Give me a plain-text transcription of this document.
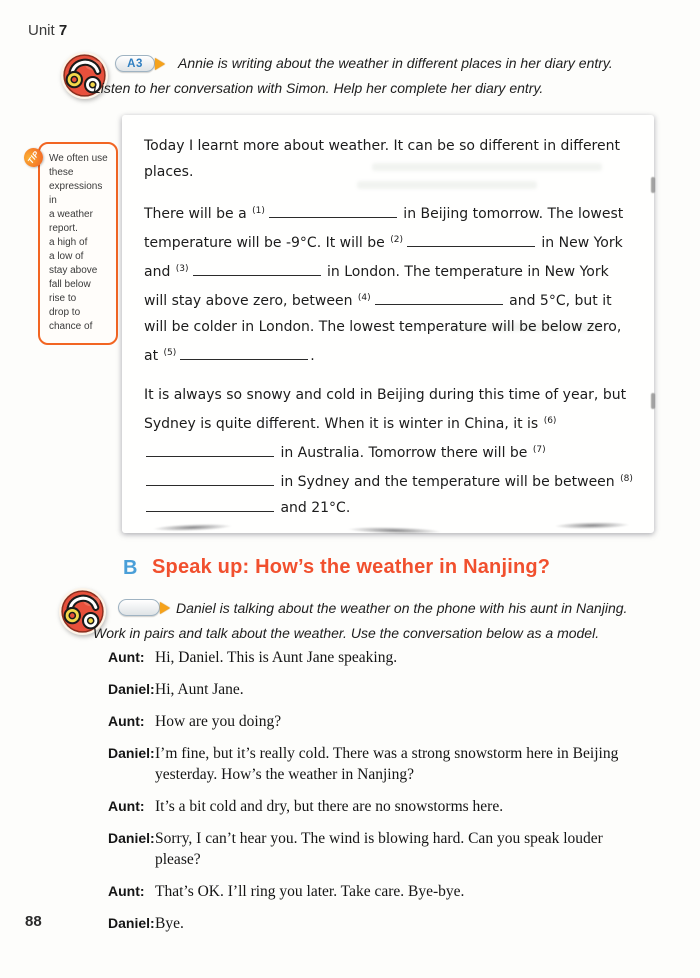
Unit 7
A3	Annie is writing about the weather in different places in her diary entry.
Listen to her conversation with Simon. Help her complete her diary entry.
TIP We often use
these
expressions in
a weather
report.
a high of
a low of
stay above
fall below
rise to
drop to
chance of

Today I learnt more about weather. It can be so different in different places.

There will be a $^{(1)}$	in Beijing tomorrow. The lowest temperature will be -9°C. It will be $^{(2)}$	in New York and $^{(3)}$	in London. The temperature in New York will stay above zero, between $^{(4)}$	and 5°C, but it will be colder in London. The lowest temperature will be below zero, at $^{(5)}$	.

It is always so snowy and cold in Beijing during this time of year, but Sydney is quite different. When it is winter in China, it is $^{(6)}$ in Australia. Tomorrow there will be $^{(7)}$ in Sydney and the temperature will be between $^{(8)}$ and 21°C.

B Speak up: How’s the weather in Nanjing?
Daniel is talking about the weather on the phone with his aunt in Nanjing.
Work in pairs and talk about the weather. Use the conversation below as a model.
Aunt: Hi, Daniel. This is Aunt Jane speaking.
Daniel: Hi, Aunt Jane.
Aunt: How are you doing?
Daniel: I’m fine, but it’s really cold. There was a strong snowstorm here in Beijing yesterday. How’s the weather in Nanjing?
Aunt: It’s a bit cold and dry, but there are no snowstorms here.
Daniel: Sorry, I can’t hear you. The wind is blowing hard. Can you speak louder please?
Aunt: That’s OK. I’ll ring you later. Take care. Bye-bye.
Daniel: Bye.
88
